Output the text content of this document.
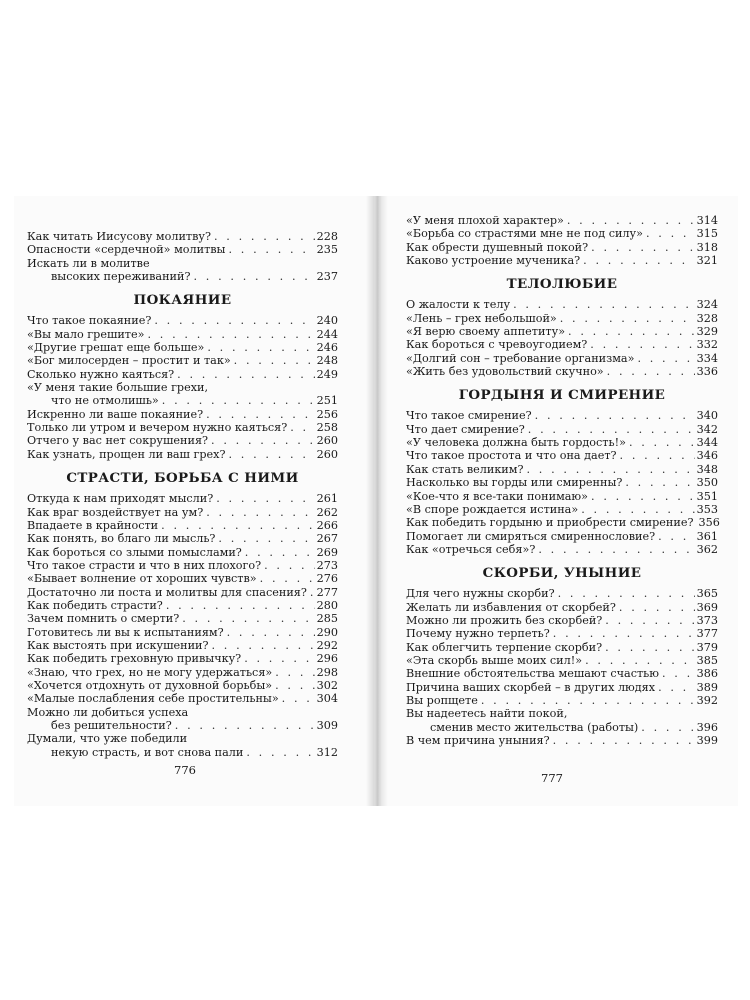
Как читать Иисусову молитву? . . .	228
Опасности «сердечной» молитвы . . .	235
Искать ли в молитве
высоких переживаний? . . .	237
ПОКАЯНИЕ
Что такое покаяние? . . .	240
«Вы мало грешите» . . .	244
«Другие грешат еще больше» . . .	246
«Бог милосерден – простит и так» . . .	248
Сколько нужно каяться? . . .	249
«У меня такие большие грехи,
что не отмолишь» . . .	251
Искренно ли ваше покаяние? . . .	256
Только ли утром и вечером нужно каяться? . . .	258
Отчего у вас нет сокрушения? . . .	260
Как узнать, прощен ли ваш грех? . . .	260
СТРАСТИ, БОРЬБА С НИМИ
Откуда к нам приходят мысли? . . .	261
Как враг воздействует на ум? . . .	262
Впадаете в крайности . . .	266
Как понять, во благо ли мысль? . . .	267
Как бороться со злыми помыслами? . . .	269
Что такое страсти и что в них плохого? . . .	273
«Бывает волнение от хороших чувств» . . .	276
Достаточно ли поста и молитвы для спасения? . . . 277
Как победить страсти? . . .	280
Зачем помнить о смерти? . . .	285
Готовитесь ли вы к испытаниям? . . .	290
Как выстоять при искушении? . . .	292
Как победить греховную привычку? . . .	296
«Знаю, что грех, но не могу удержаться» . . .	298
«Хочется отдохнуть от духовной борьбы» . . .	302
«Малые послабления себе простительны» . . .	304
Можно ли добиться успеха
без решительности? . . .	309
Думали, что уже победили
некую страсть, и вот снова пали . . .	312
«У меня плохой характер» . . .	314
«Борьба со страстями мне не под силу» . . .	315
Как обрести душевный покой? . . .	318
Каково устроение мученика? . . .	321
ТЕЛОЛЮБИЕ
О жалости к телу . . .	324
«Лень – грех небольшой» . . .	328
«Я верю своему аппетиту» . . .	329
Как бороться с чревоугодием? . . .	332
«Долгий сон – требование организма» . . .	334
«Жить без удовольствий скучно» . . .	336
ГОРДЫНЯ И СМИРЕНИЕ
Что такое смирение? . . .	340
Что дает смирение? . . .	342
«У человека должна быть гордость!» . . .	344
Что такое простота и что она дает? . . .	346
Как стать великим? . . .	348
Насколько вы горды или смиренны? . . .	350
«Кое-что я все-таки понимаю» . . .	351
«В споре рождается истина» . . .	353
Как победить гордыню и приобрести смирение? 356
Помогает ли смиряться смиреннословие? . . .	361
Как «отречься себя»? . . .	362
СКОРБИ, УНЫНИЕ
Для чего нужны скорби? . . .	365
Желать ли избавления от скорбей? . . .	369
Можно ли прожить без скорбей? . . .	373
Почему нужно терпеть? . . .	377
Как облегчить терпение скорби? . . .	379
«Эта скорбь выше моих сил!» . . .	385
Внешние обстоятельства мешают счастью . . .	386
Причина ваших скорбей – в других людях . . .	389
Вы ропщете . . .	392
Вы надеетесь найти покой,
сменив место жительства (работы) . . .	396
В чем причина уныния? . . .	399
776
777
